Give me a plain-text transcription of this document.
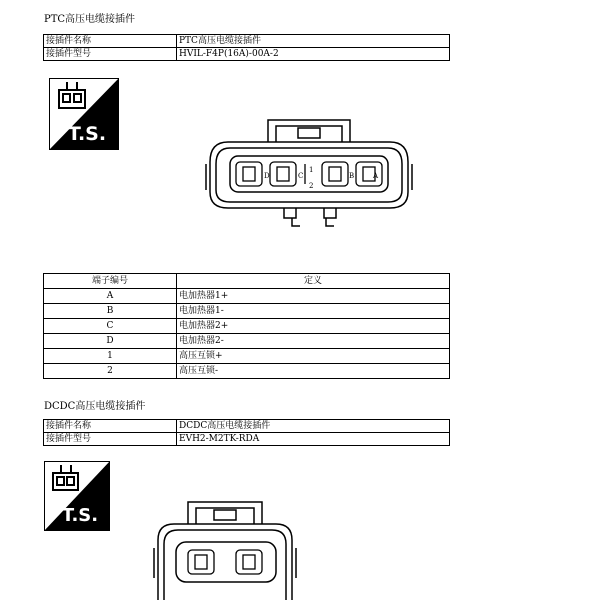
PTC高压电缆接插件
接插件名称	PTC高压电缆接插件
接插件型号	HVIL-F4P(16A)-00A-2
T.S.
D	C
1
2
B	A
端子编号	定义
A	电加热器1+
B	电加热器1-
C	电加热器2+
D	电加热器2-
1	高压互锁+
2	高压互锁-
DCDC高压电缆接插件
接插件名称	DCDC高压电缆接插件
接插件型号	EVH2-M2TK-RDA
T.S.
